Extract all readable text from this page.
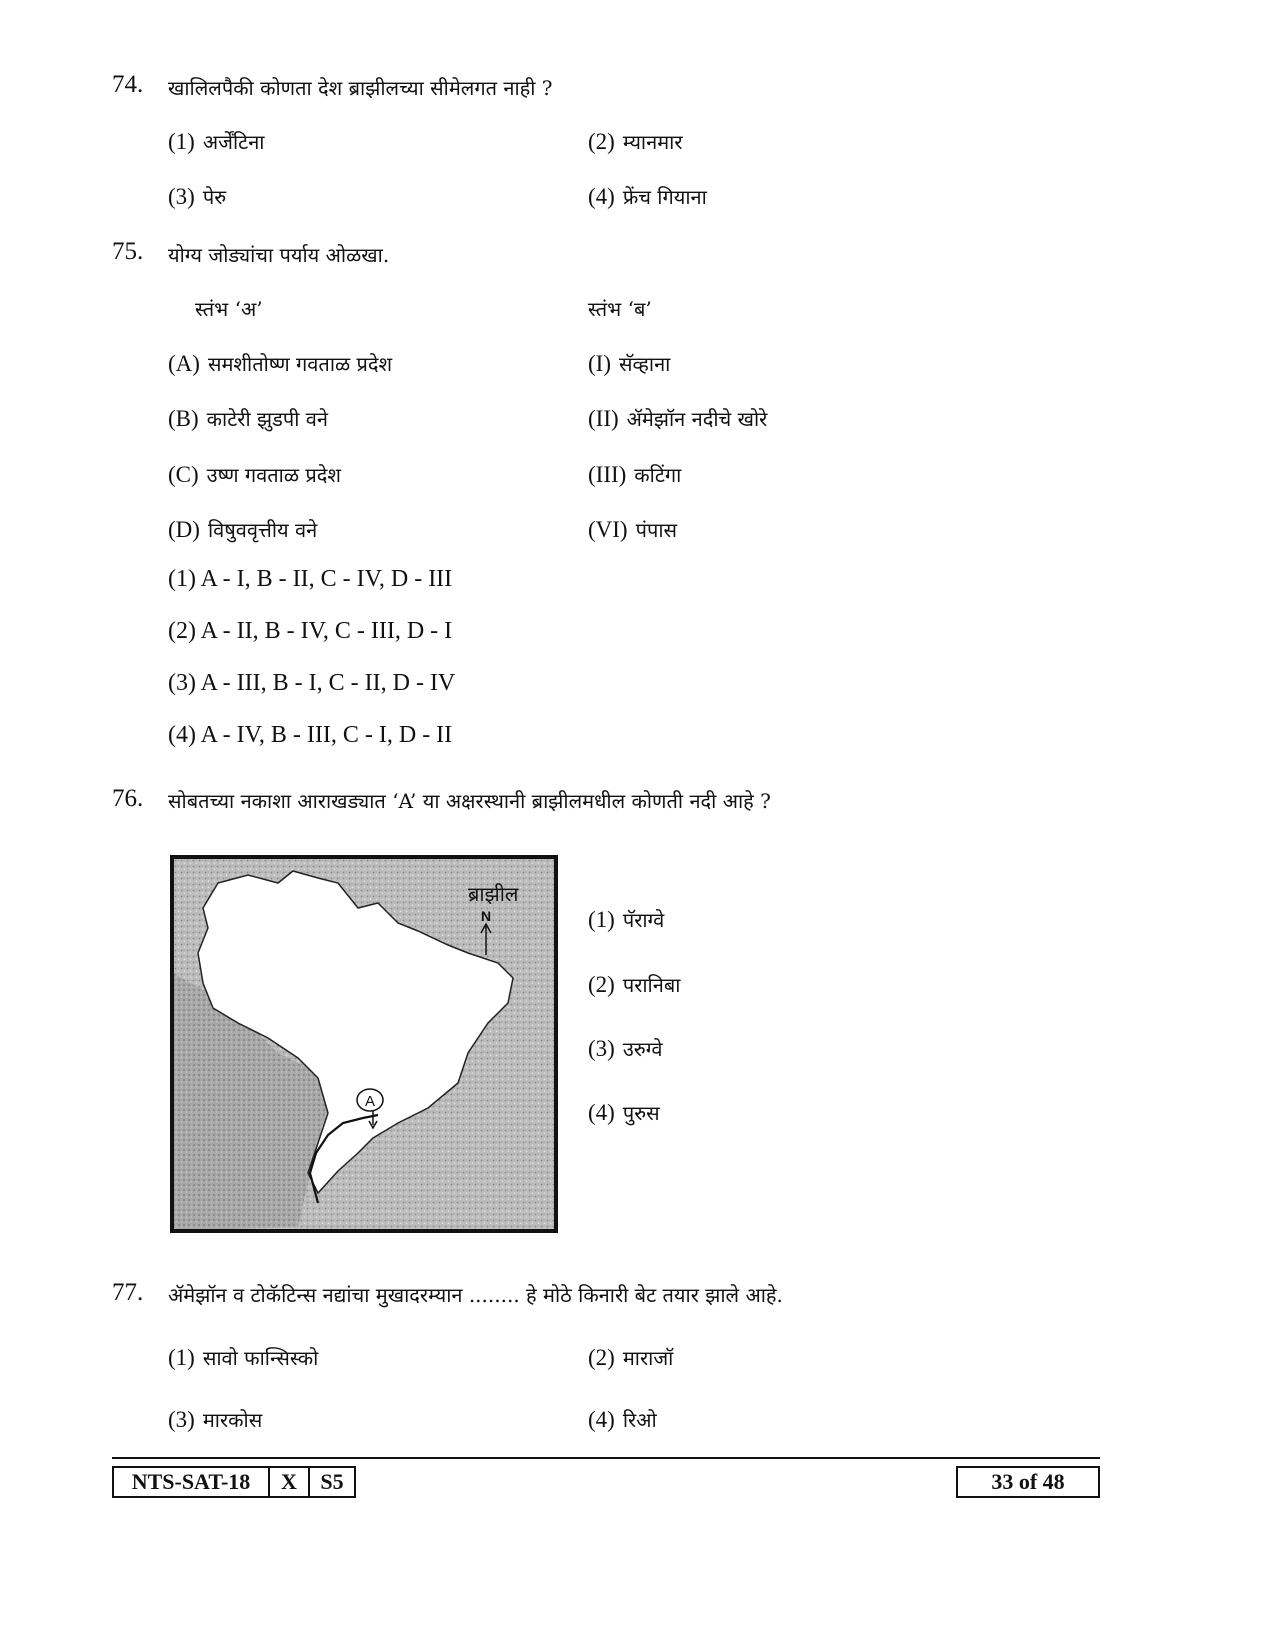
74. खालिलपैकी कोणता देश ब्राझीलच्या सीमेलगत नाही ?
(1) अर्जेंटिना	(2) म्यानमार
(3) पेरु	(4) फ्रेंच गियाना
75. योग्य जोड्यांचा पर्याय ओळखा.
स्तंभ ‘अ’	स्तंभ ‘ब’
(A) समशीतोष्ण गवताळ प्रदेश	(I) सॅव्हाना
(B) काटेरी झुडपी वने	(II) ॲमेझॉन नदीचे खोरे
(C) उष्ण गवताळ प्रदेश	(III) कटिंगा
(D) विषुववृत्तीय वने	(VI) पंपास
(1) A - I, B - II, C - IV, D - III
(2) A - II, B - IV, C - III, D - I
(3) A - III, B - I, C - II, D - IV
(4) A - IV, B - III, C - I, D - II
76. सोबतच्या नकाशा आराखड्यात ‘A’ या अक्षरस्थानी ब्राझीलमधील कोणती नदी आहे ?
A
ब्राझील
N	(1) पॅराग्वे
(2) परानिबा
(3) उरुग्वे
(4) पुरुस
77. ॲमेझॉन व टोकॅटिन्स नद्यांचा मुखादरम्यान ........ हे मोठे किनारी बेट तयार झाले आहे.
(1) सावो फान्सिस्को	(2) माराजॉ
(3) मारकोस	(4) रिओ
NTS-SAT-18	X	S5	33 of 48
